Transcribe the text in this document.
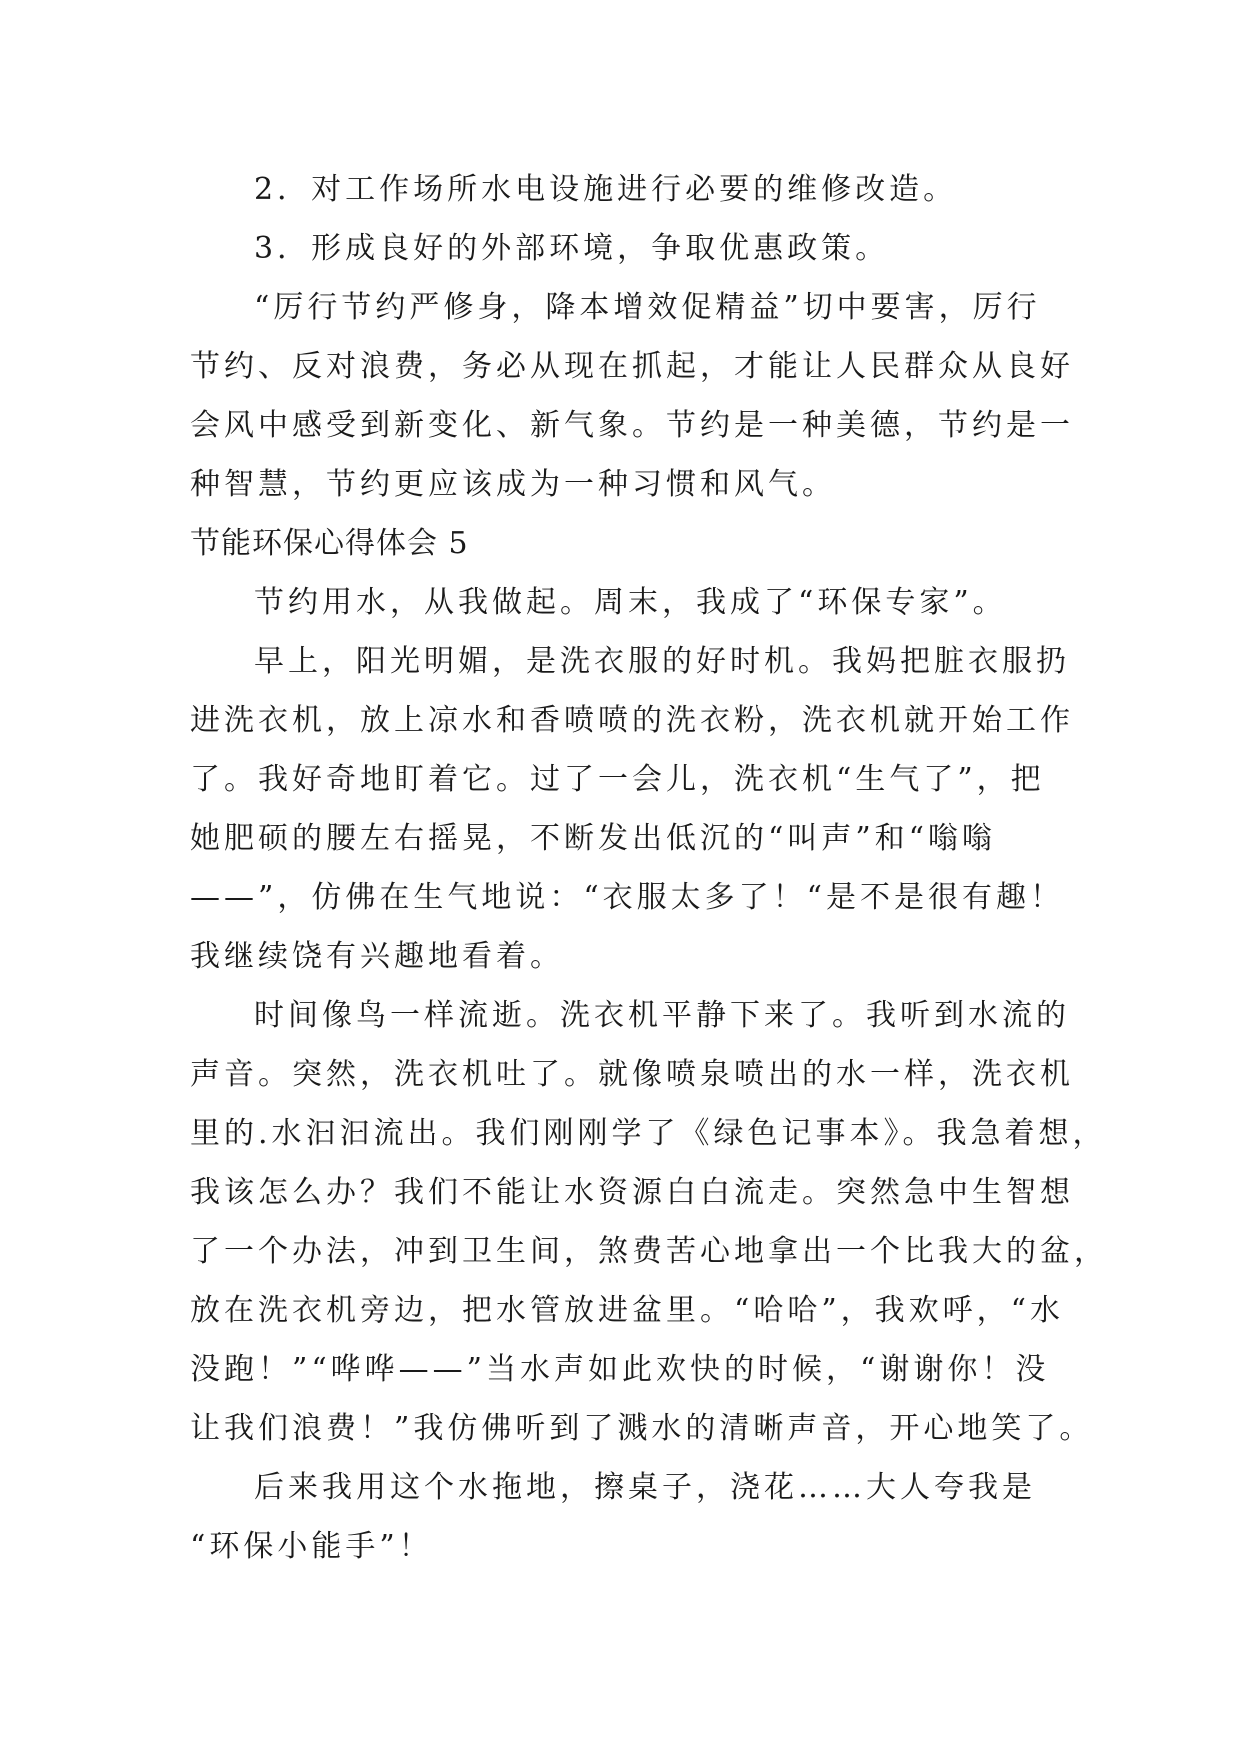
2．对工作场所水电设施进行必要的维修改造。
3．形成良好的外部环境，争取优惠政策。
“厉行节约严修身，降本增效促精益”切中要害，厉行
节约、反对浪费，务必从现在抓起，才能让人民群众从良好
会风中感受到新变化、新气象。节约是一种美德，节约是一
种智慧，节约更应该成为一种习惯和风气。
节能环保心得体会 5
节约用水，从我做起。周末，我成了“环保专家”。
早上，阳光明媚，是洗衣服的好时机。我妈把脏衣服扔
进洗衣机，放上凉水和香喷喷的洗衣粉，洗衣机就开始工作
了。我好奇地盯着它。过了一会儿，洗衣机“生气了”，把
她肥硕的腰左右摇晃，不断发出低沉的“叫声”和“嗡嗡
——”，仿佛在生气地说：“衣服太多了！“是不是很有趣！
我继续饶有兴趣地看着。
时间像鸟一样流逝。洗衣机平静下来了。我听到水流的
声音。突然，洗衣机吐了。就像喷泉喷出的水一样，洗衣机
里的.水汩汩流出。我们刚刚学了《绿色记事本》。我急着想，
我该怎么办？我们不能让水资源白白流走。突然急中生智想
了一个办法，冲到卫生间，煞费苦心地拿出一个比我大的盆，
放在洗衣机旁边，把水管放进盆里。“哈哈”，我欢呼，“水
没跑！”“哗哗——”当水声如此欢快的时候，“谢谢你！没
让我们浪费！”我仿佛听到了溅水的清晰声音，开心地笑了。
后来我用这个水拖地，擦桌子，浇花……大人夸我是
“环保小能手”！
